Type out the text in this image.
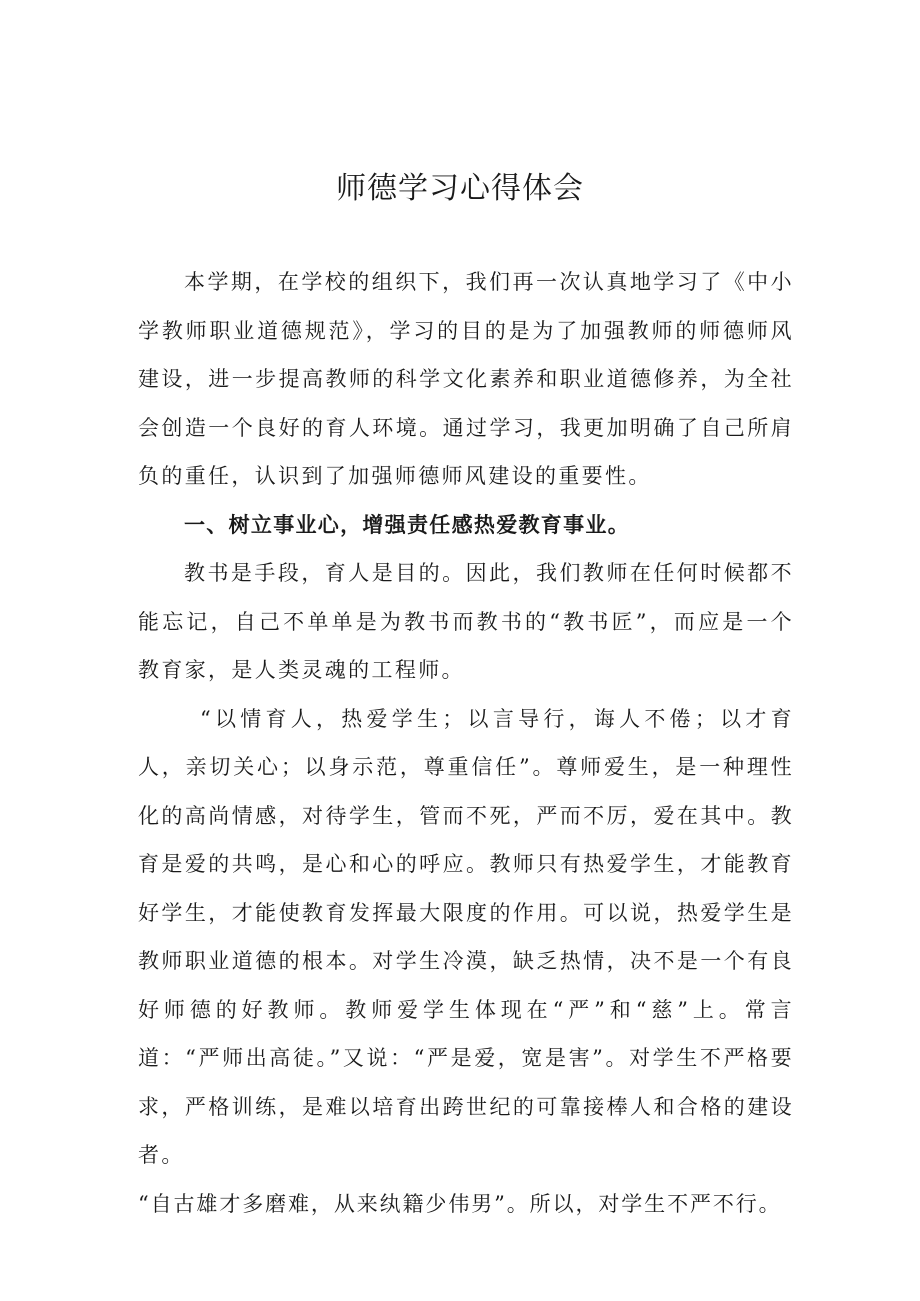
师德学习心得体会

本学期，在学校的组织下，我们再一次认真地学习了《中小学教师职业道德规范》，学习的目的是为了加强教师的师德师风建设，进一步提高教师的科学文化素养和职业道德修养，为全社会创造一个良好的育人环境。通过学习，我更加明确了自己所肩负的重任，认识到了加强师德师风建设的重要性。

一、树立事业心，增强责任感热爱教育事业。

教书是手段，育人是目的。因此，我们教师在任何时候都不能忘记，自己不单单是为教书而教书的“教书匠”，而应是一个教育家，是人类灵魂的工程师。

“以情育人，热爱学生；以言导行，诲人不倦；以才育人，亲切关心；以身示范，尊重信任”。尊师爱生，是一种理性化的高尚情感，对待学生，管而不死，严而不厉，爱在其中。教育是爱的共鸣，是心和心的呼应。教师只有热爱学生，才能教育好学生，才能使教育发挥最大限度的作用。可以说，热爱学生是教师职业道德的根本。对学生冷漠，缺乏热情，决不是一个有良好师德的好教师。教师爱学生体现在“严”和“慈”上。常言道：“严师出高徒。”又说：“严是爱，宽是害”。对学生不严格要求，严格训练，是难以培育出跨世纪的可靠接棒人和合格的建设者。

“自古雄才多磨难，从来纨籍少伟男”。所以，对学生不严不行。
